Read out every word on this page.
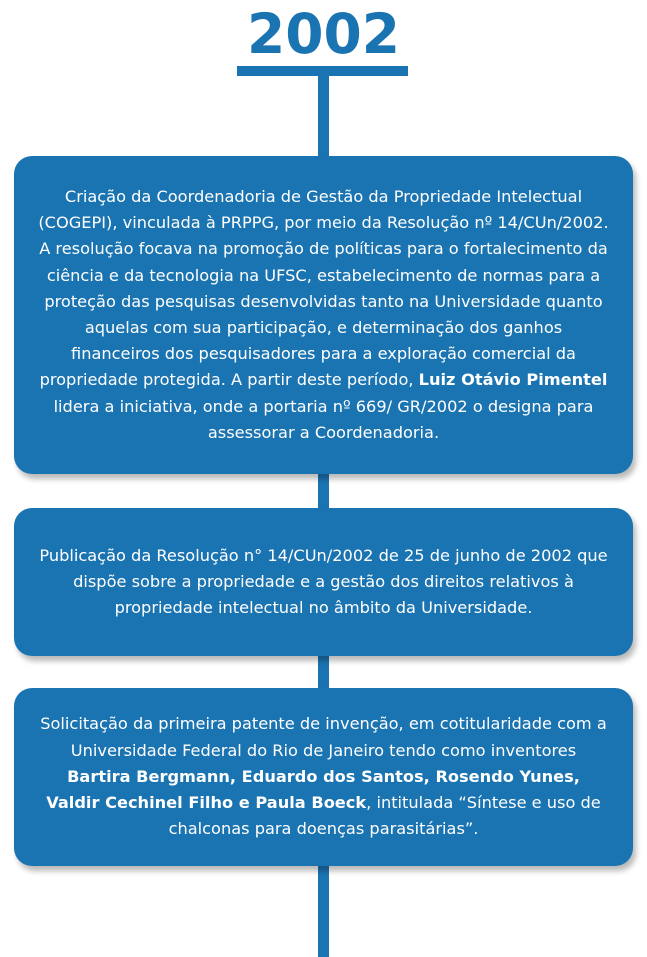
2002
Criação da Coordenadoria de Gestão da Propriedade Intelectual (COGEPI), vinculada à PRPPG, por meio da Resolução nº 14/CUn/2002. A resolução focava na promoção de políticas para o fortalecimento da ciência e da tecnologia na UFSC, estabelecimento de normas para a proteção das pesquisas desenvolvidas tanto na Universidade quanto aquelas com sua participação, e determinação dos ganhos financeiros dos pesquisadores para a exploração comercial da propriedade protegida. A partir deste período, Luiz Otávio Pimentel lidera a iniciativa, onde a portaria nº 669/ GR/2002 o designa para assessorar a Coordenadoria.
Publicação da Resolução n° 14/CUn/2002 de 25 de junho de 2002 que dispõe sobre a propriedade e a gestão dos direitos relativos à propriedade intelectual no âmbito da Universidade.
Solicitação da primeira patente de invenção, em cotitularidade com a Universidade Federal do Rio de Janeiro tendo como inventores Bartira Bergmann, Eduardo dos Santos, Rosendo Yunes, Valdir Cechinel Filho e Paula Boeck, intitulada “Síntese e uso de chalconas para doenças parasitárias”.
